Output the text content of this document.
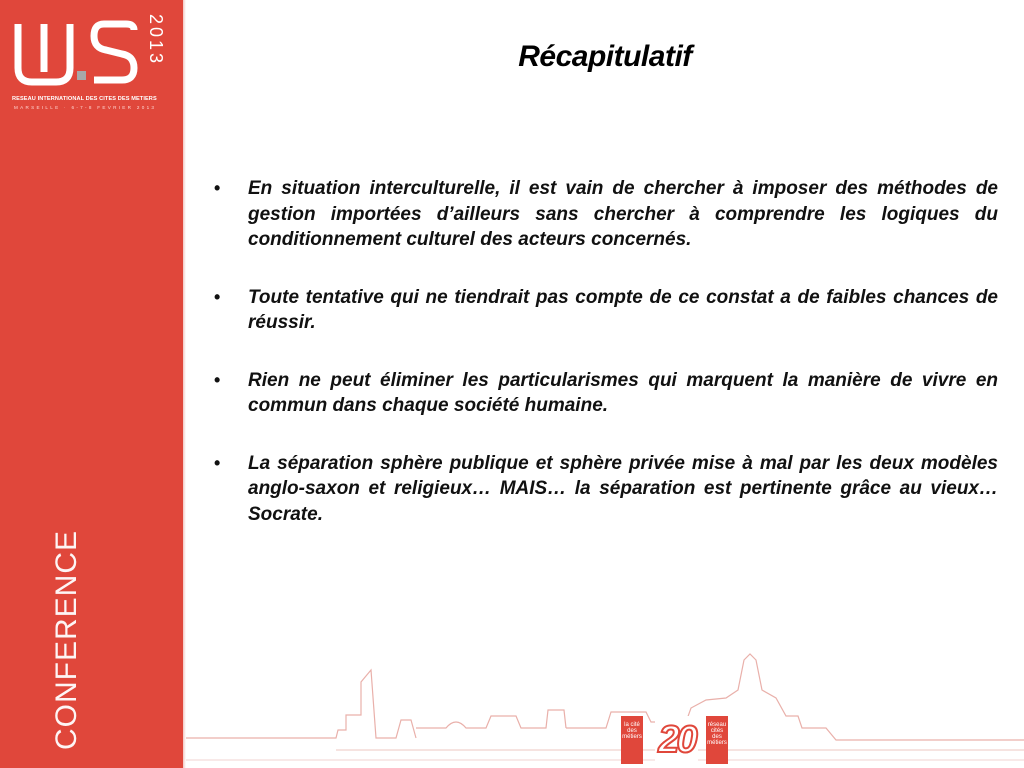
2013
RESEAU INTERNATIONAL DES CITES DES METIERS
MARSEILLE · 6-7-8 FEVRIER 2013
CONFERENCE
Récapitulatif
• En situation interculturelle, il est vain de chercher à imposer des méthodes de gestion importées d’ailleurs sans chercher à comprendre les logiques du conditionnement culturel des acteurs concernés.
• Toute tentative qui ne tiendrait pas compte de ce constat a de faibles chances de réussir.
• Rien ne peut éliminer les particularismes qui marquent la manière de vivre en commun dans chaque société humaine.
• La séparation sphère publique et sphère privée mise à mal par les deux modèles anglo-saxon et religieux… MAIS… la séparation est pertinente grâce au vieux… Socrate.
la cité des métiers 20	réseau cités des métiers
